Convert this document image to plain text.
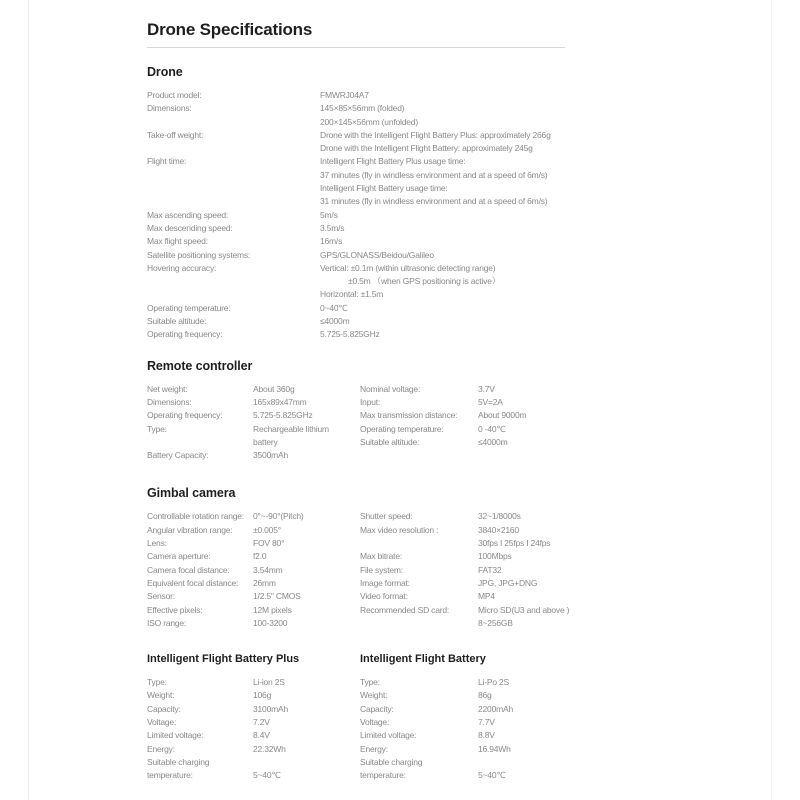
Drone Specifications
Drone
Product model:	FMWRJ04A7
Dimensions:	145×85×56mm (folded)
200×145×56mm (unfolded)
Take-off weight:	Drone with the Intelligent Flight Battery Plus: approximately 266g
Drone with the Intelligent Flight Battery: approximately 245g
Flight time:	Intelligent Flight Battery Plus usage time:
37 minutes (fly in windless environment and at a speed of 6m/s)
Intelligent Flight Battery usage time:
31 minutes (fly in windless environment and at a speed of 6m/s)
Max ascending speed:	5m/s
Max descending speed:	3.5m/s
Max flight speed:	16m/s
Satellite positioning systems:	GPS/GLONASS/Beidou/Galileo
Hovering accuracy:	Vertical: ±0.1m (within ultrasonic detecting range)
±0.5m （when GPS positioning is active）
Horizontal: ±1.5m
Operating temperature:	0~40℃
Suitable altitude:	≤4000m
Operating frequency:	5.725-5.825GHz
Remote controller
Net weight:	About 360g
Dimensions:	165x89x47mm
Operating frequency:	5.725-5.825GHz
Type:	Rechargeable lithium
battery
Battery Capacity:	3500mAh
Nominal voltage:	3.7V
Input:	5V=2A
Max transmission distance:	About 9000m
Operating temperature:	0 -40℃
Suitable altitude:	≤4000m
Gimbal camera
Controllable rotation range:	0°~-90°(Pitch)
Angular vibration range:	±0.005°
Lens:	FOV 80°
Camera aperture:	f2.0
Camera focal distance:	3.54mm
Equivalent focal distance:	26mm
Sensor:	1/2.5'' CMOS
Effective pixels:	12M pixels
ISO range:	100-3200
Shutter speed:	32~1/8000s
Max video resolution :	3840×2160
30fps I 25fps I 24fps
Max bitrate:	100Mbps
File system:	FAT32
Image format:	JPG, JPG+DNG
Video format:	MP4
Recommended SD card:	Micro SD(U3 and above )
8~256GB
Intelligent Flight Battery Plus
Type:	Li-ion 2S
Weight:	106g
Capacity:	3100mAh
Voltage:	7.2V
Limited voltage:	8.4V
Energy:	22.32Wh
Suitable charging
temperature:	5~40℃
Intelligent Flight Battery
Type:	Li-Po 2S
Weight:	86g
Capacity:	2200mAh
Voltage:	7.7V
Limited voltage:	8.8V
Energy:	16.94Wh
Suitable charging
temperature:	5~40℃
